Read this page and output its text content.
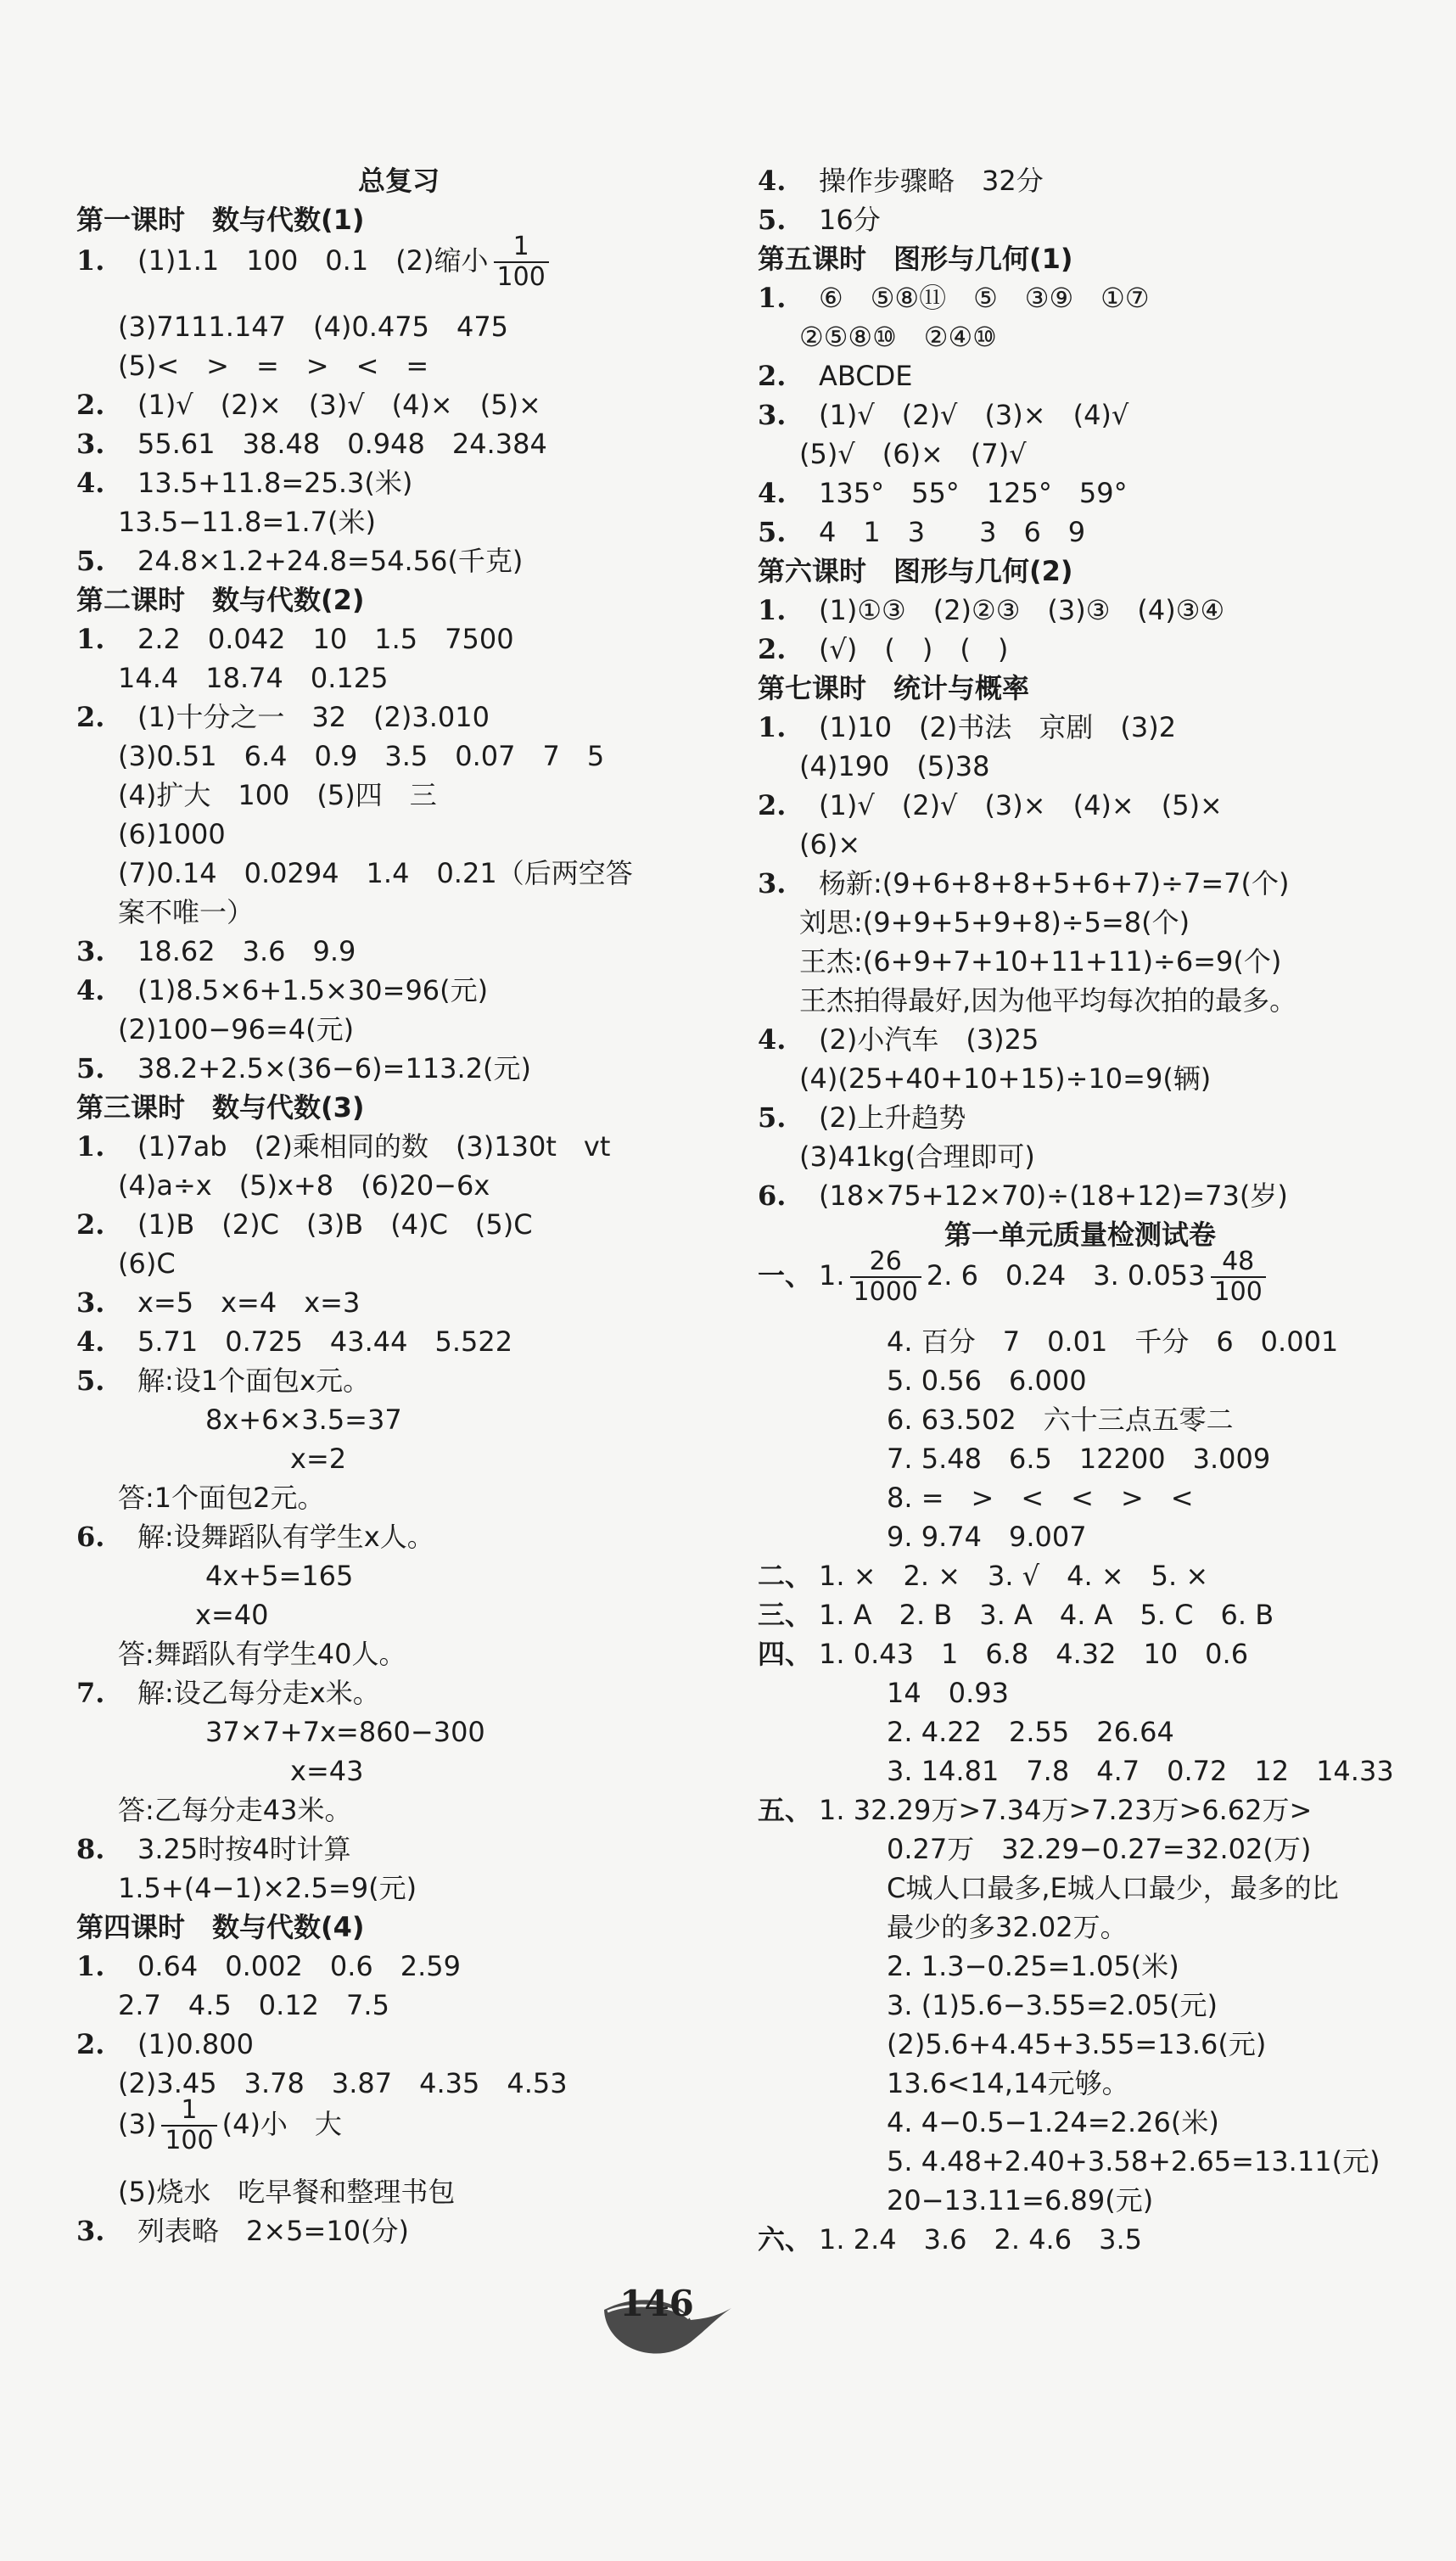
总复习
第一课时　数与代数(1)
1. (1)1.1　100　0.1　(2)缩小 $\frac{1}{100}$
(3)7111.147　(4)0.475　475
(5)<　>　=　>　<　=
2. (1)√　(2)×　(3)√　(4)×　(5)×
3. 55.61　38.48　0.948　24.384
4. 13.5+11.8=25.3(米)
13.5−11.8=1.7(米)
5. 24.8×1.2+24.8=54.56(千克)
第二课时　数与代数(2)
1. 2.2　0.042　10　1.5　7500
14.4　18.74　0.125
2. (1)十分之一　32　(2)3.010
(3)0.51　6.4　0.9　3.5　0.07　7　5
(4)扩大　100　(5)四　三
(6)1000
(7)0.14　0.0294　1.4　0.21（后两空答
案不唯一）
3. 18.62　3.6　9.9
4. (1)8.5×6+1.5×30=96(元)
(2)100−96=4(元)
5. 38.2+2.5×(36−6)=113.2(元)
第三课时　数与代数(3)
1. (1)7ab　(2)乘相同的数　(3)130t　vt
(4)a÷x　(5)x+8　(6)20−6x
2. (1)B　(2)C　(3)B　(4)C　(5)C
(6)C
3. x=5　x=4　x=3
4. 5.71　0.725　43.44　5.522
5. 解:设1个面包x元。
8x+6×3.5=37
x=2
答:1个面包2元。
6. 解:设舞蹈队有学生x人。
4x+5=165
x=40
答:舞蹈队有学生40人。
7. 解:设乙每分走x米。
37×7+7x=860−300
x=43
答:乙每分走43米。
8. 3.25时按4时计算
1.5+(4−1)×2.5=9(元)
第四课时　数与代数(4)
1. 0.64　0.002　0.6　2.59
2.7　4.5　0.12　7.5
2. (1)0.800
(2)3.45　3.78　3.87　4.35　4.53
$(3) \frac{1}{100} (4)$小　大
(5)烧水　吃早餐和整理书包
3. 列表略　2×5=10(分)
4. 操作步骤略　32分
5. 16分
第五课时　图形与几何(1)
1. ⑥　⑤⑧⑪　⑤　③⑨　①⑦
②⑤⑧⑩　②④⑩
2. ABCDE
3. (1)√　(2)√　(3)×　(4)√
(5)√　(6)×　(7)√
4. 135°　55°　125°　59°
5. 4　1　3　　3　6　9
第六课时　图形与几何(2)
1. (1)①③　(2)②③　(3)③　(4)③④
2. (√)　(　)　(　)
第七课时　统计与概率
1. (1)10　(2)书法　京剧　(3)2
(4)190　(5)38
2. (1)√　(2)√　(3)×　(4)×　(5)×
(6)×
3. 杨新:(9+6+8+8+5+6+7)÷7=7(个)
刘思:(9+9+5+9+8)÷5=8(个)
王杰:(6+9+7+10+11+11)÷6=9(个)
王杰拍得最好,因为他平均每次拍的最多。
4. (2)小汽车　(3)25
(4)(25+40+10+15)÷10=9(辆)
5. (2)上升趋势
(3)41kg(合理即可)
6. (18×75+12×70)÷(18+12)=73(岁)
第一单元质量检测试卷
一、 1. $\frac{26}{1000} 2$. 6　0.24　3. $0.053 \frac{48}{100}$
4. 百分　7　0.01　千分　6　0.001
5. 0.56　6.000
6. 63.502　六十三点五零二
7. 5.48　6.5　12200　3.009
8. =　>　<　<　>　<
9. 9.74　9.007
二、 1. ×　2. ×　3. √　4. ×　5. ×
三、 1. A　2. B　3. A　4. A　5. C　6. B
四、 1. 0.43　1　6.8　4.32　10　0.6
14　0.93
2. 4.22　2.55　26.64
3. 14.81　7.8　4.7　0.72　12　14.33
五、 1. 32.29万>7.34万>7.23万>6.62万>
0.27万　32.29−0.27=32.02(万)
C城人口最多,E城人口最少，最多的比
最少的多32.02万。
2. 1.3−0.25=1.05(米)
3. (1)5.6−3.55=2.05(元)
(2)5.6+4.45+3.55=13.6(元)
13.6<14,14元够。
4. 4−0.5−1.24=2.26(米)
5. 4.48+2.40+3.58+2.65=13.11(元)
20−13.11=6.89(元)
六、 1. 2.4　3.6　2. 4.6　3.5
146
